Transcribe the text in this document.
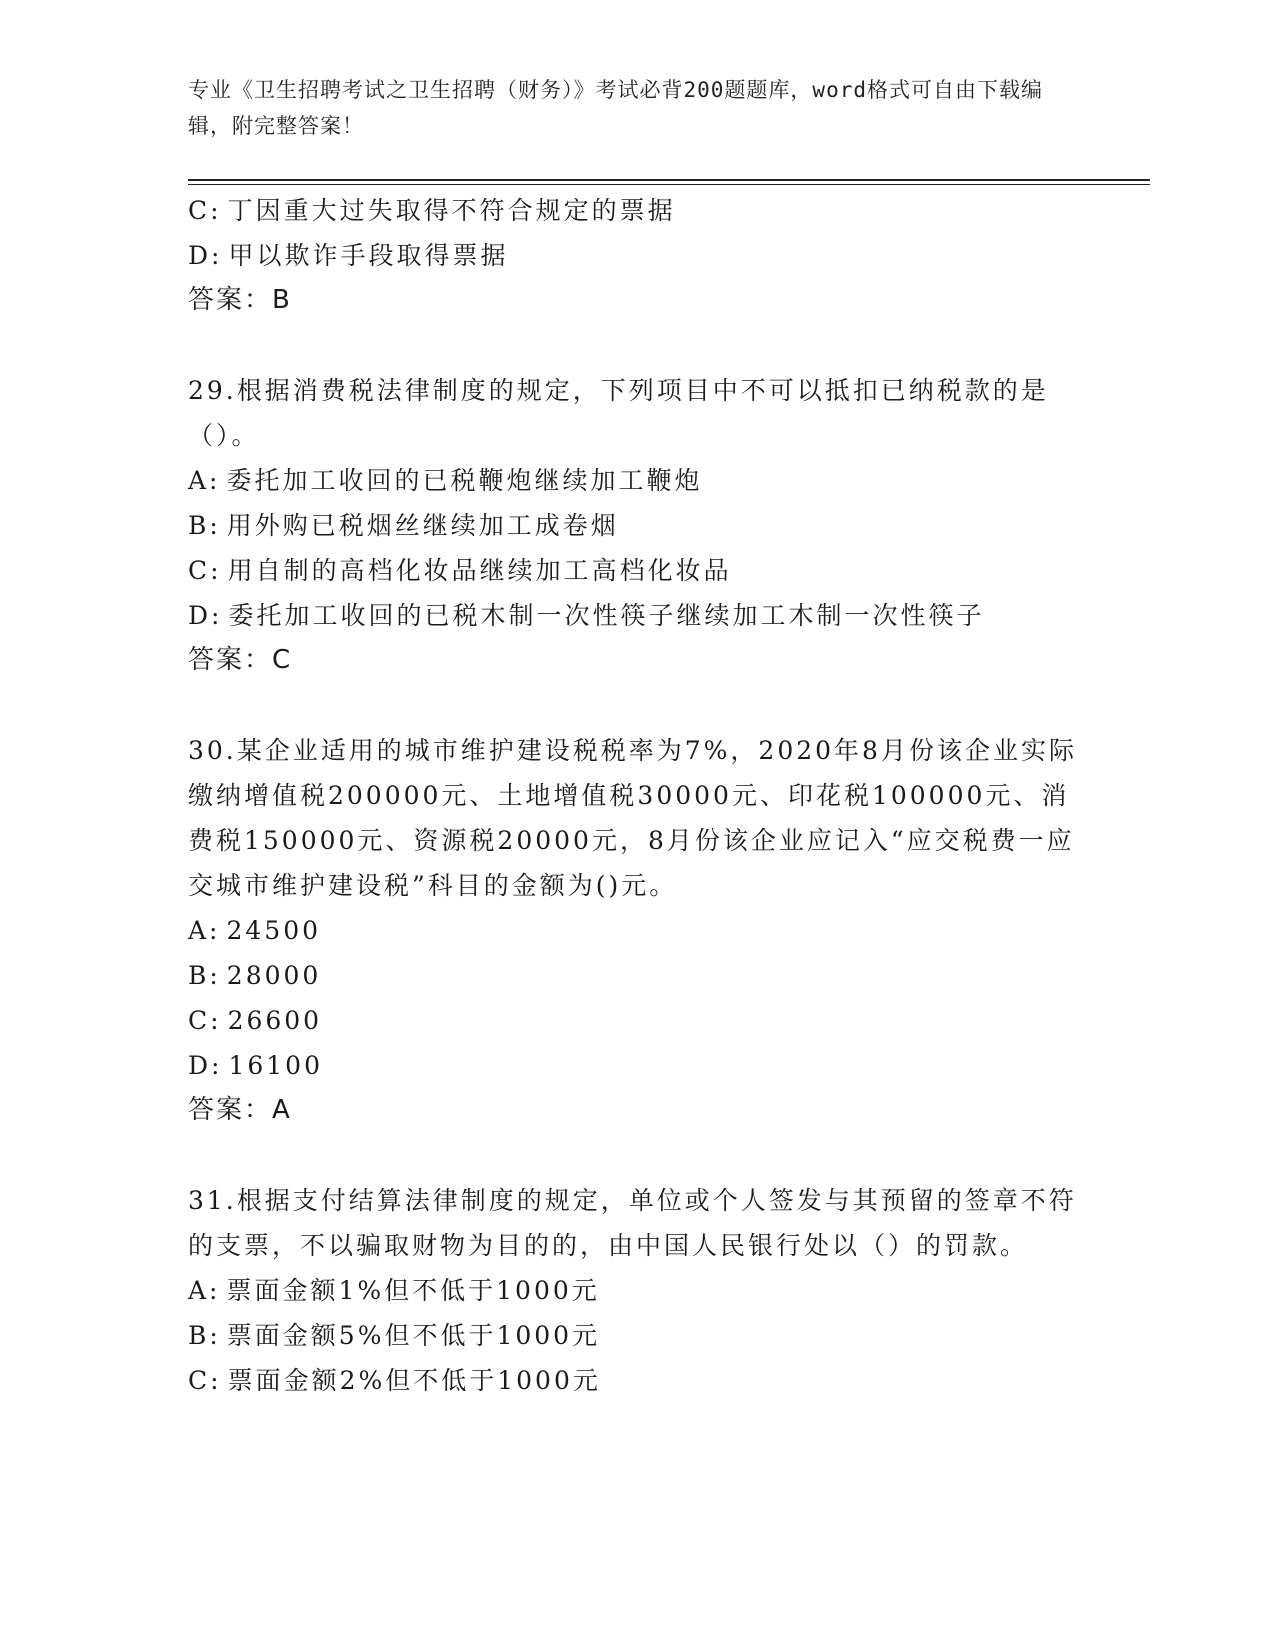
专业《卫生招聘考试之卫生招聘（财务）》考试必背200题题库，word格式可自由下载编辑，附完整答案！
C: 丁因重大过失取得不符合规定的票据
D: 甲以欺诈手段取得票据
答案：B
29.根据消费税法律制度的规定，下列项目中不可以抵扣已纳税款的是（）。
A: 委托加工收回的已税鞭炮继续加工鞭炮
B: 用外购已税烟丝继续加工成卷烟
C: 用自制的高档化妆品继续加工高档化妆品
D: 委托加工收回的已税木制一次性筷子继续加工木制一次性筷子
答案：C
30.某企业适用的城市维护建设税税率为7%，2020年8月份该企业实际缴纳增值税200000元、土地增值税30000元、印花税100000元、消费税150000元、资源税20000元，8月份该企业应记入“应交税费一应交城市维护建设税”科目的金额为()元。
A: 24500
B: 28000
C: 26600
D: 16100
答案：A
31.根据支付结算法律制度的规定，单位或个人签发与其预留的签章不符的支票，不以骗取财物为目的的，由中国人民银行处以（）的罚款。
A: 票面金额1%但不低于1000元
B: 票面金额5%但不低于1000元
C: 票面金额2%但不低于1000元
